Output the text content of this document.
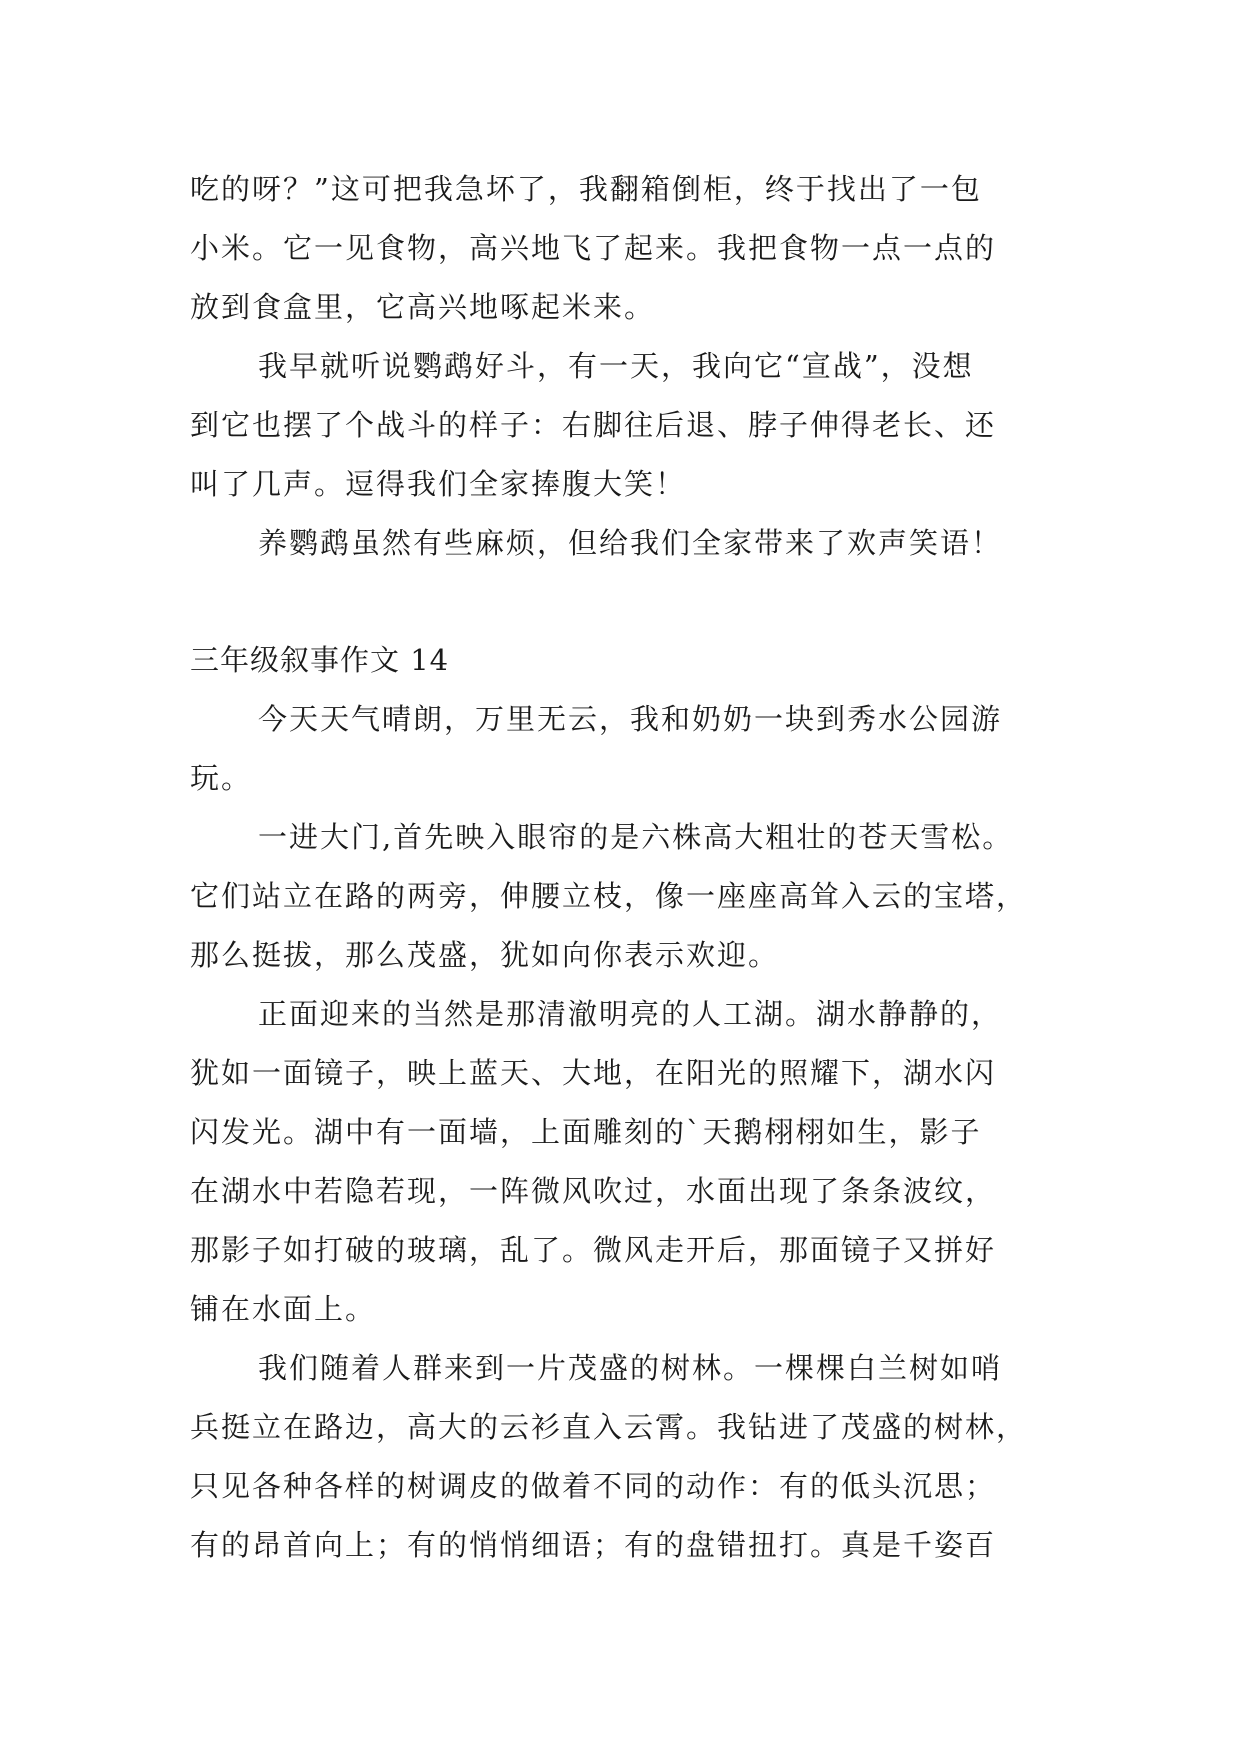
吃的呀？”这可把我急坏了，我翻箱倒柜，终于找出了一包
小米。它一见食物，高兴地飞了起来。我把食物一点一点的
放到食盒里，它高兴地啄起米来。
我早就听说鹦鹉好斗，有一天，我向它“宣战”，没想
到它也摆了个战斗的样子：右脚往后退、脖子伸得老长、还
叫了几声。逗得我们全家捧腹大笑！
养鹦鹉虽然有些麻烦，但给我们全家带来了欢声笑语！
三年级叙事作文 14
今天天气晴朗，万里无云，我和奶奶一块到秀水公园游
玩。
一进大门,首先映入眼帘的是六株高大粗壮的苍天雪松。
它们站立在路的两旁，伸腰立枝，像一座座高耸入云的宝塔，
那么挺拔，那么茂盛，犹如向你表示欢迎。
正面迎来的当然是那清澈明亮的人工湖。湖水静静的，
犹如一面镜子，映上蓝天、大地，在阳光的照耀下，湖水闪
闪发光。湖中有一面墙，上面雕刻的`天鹅栩栩如生，影子
在湖水中若隐若现，一阵微风吹过，水面出现了条条波纹，
那影子如打破的玻璃，乱了。微风走开后，那面镜子又拼好
铺在水面上。
我们随着人群来到一片茂盛的树林。一棵棵白兰树如哨
兵挺立在路边，高大的云衫直入云霄。我钻进了茂盛的树林，
只见各种各样的树调皮的做着不同的动作：有的低头沉思；
有的昂首向上；有的悄悄细语；有的盘错扭打。真是千姿百
